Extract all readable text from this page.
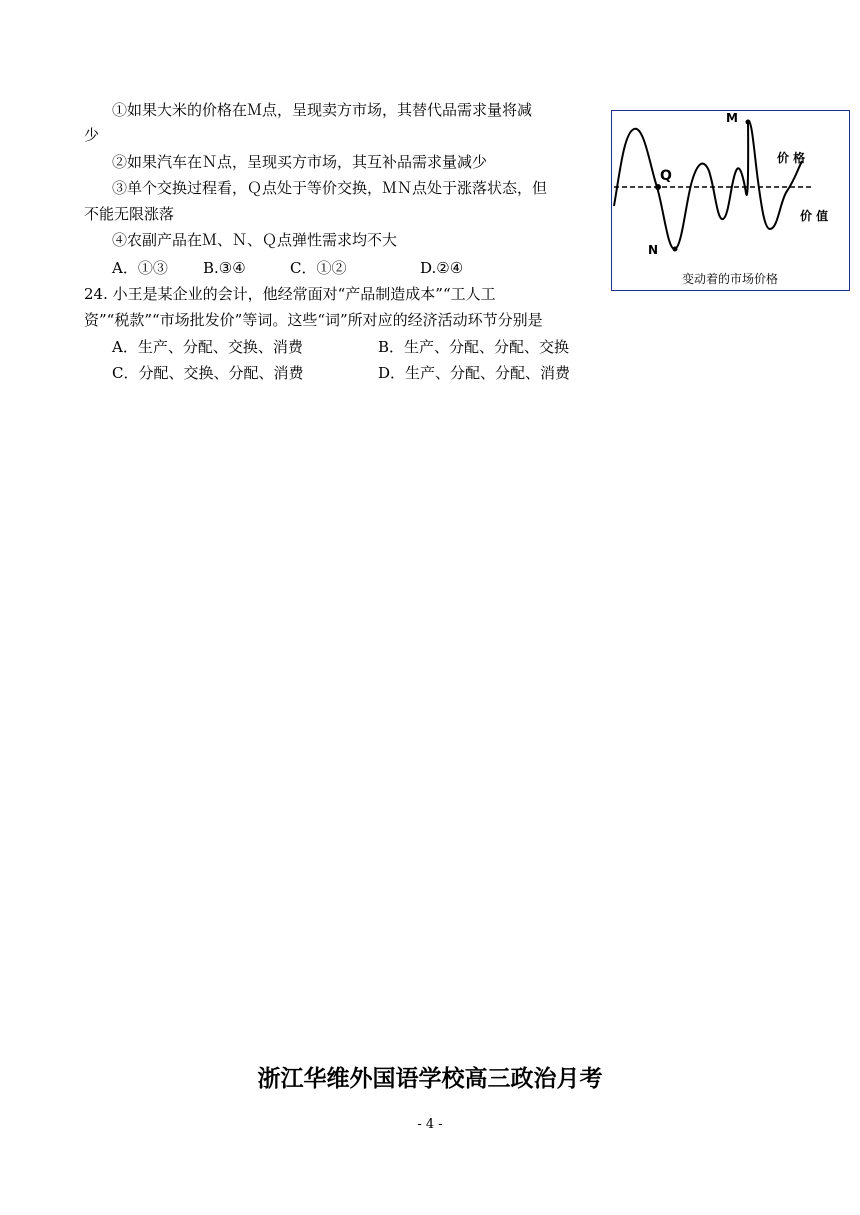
①如果大米的价格在Ｍ点，呈现卖方市场，其替代品需求量将减
少
②如果汽车在Ｎ点，呈现买方市场，其互补品需求量减少
③单个交换过程看，Ｑ点处于等价交换，ＭＮ点处于涨落状态，但
不能无限涨落
④农副产品在Ｍ、Ｎ、Ｑ点弹性需求均不大
A．①③ B.③④	C．①②	D.②④
M
Q
N
价 格
价 值
变动着的市场价格
24. 小王是某企业的会计，他经常面对“产品制造成本”“工人工
资”“税款”“市场批发价”等词。这些“词”所对应的经济活动环节分别是
A．生产、分配、交换、消费	B．生产、分配、分配、交换
C．分配、交换、分配、消费	D．生产、分配、分配、消费
浙江华维外国语学校高三政治月考
- 4 -
